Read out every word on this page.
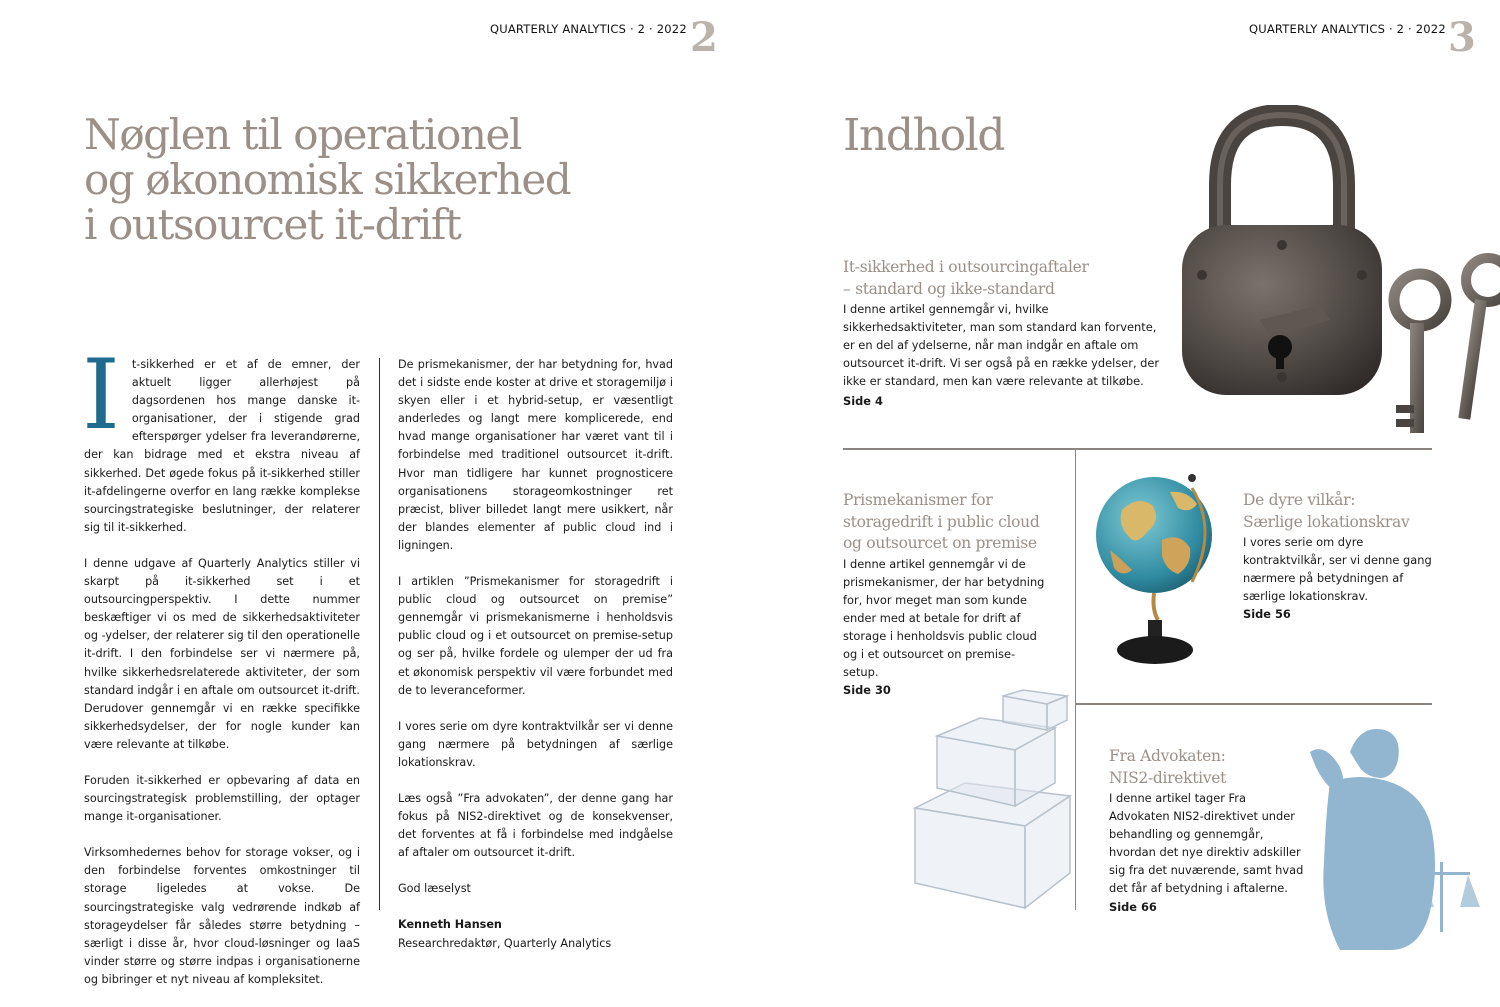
QUARTERLY ANALYTICS · 2 · 2022 2	QUARTERLY ANALYTICS · 2 · 2022 3
Nøglen til operationel
og økonomisk sikkerhed
i outsourcet it-drift

I t-sikkerhed er et af de emner, der aktuelt ligger allerhøjest på dagsordenen hos mange danske it-organisationer, der i stigende grad efterspørger ydelser fra leverandørerne, der kan bidrage med et ekstra niveau af sikkerhed. Det øgede fokus på it-sikkerhed stiller it-afdelingerne overfor en lang række komplekse sourcingstrategiske beslutninger, der relaterer sig til it-sikkerhed.

I denne udgave af Quarterly Analytics stiller vi skarpt på it-sikkerhed set i et outsourcingperspektiv. I dette nummer beskæftiger vi os med de sikkerhedsaktiviteter og -ydelser, der relaterer sig til den operationelle it-drift. I den forbindelse ser vi nærmere på, hvilke sikkerhedsrelaterede aktiviteter, der som standard indgår i en aftale om outsourcet it-drift. Derudover gennemgår vi en række specifikke sikkerhedsydelser, der for nogle kunder kan være relevante at tilkøbe.

Foruden it-sikkerhed er opbevaring af data en sourcingstrategisk problemstilling, der optager mange it-organisationer.

Virksomhedernes behov for storage vokser, og i den forbindelse forventes omkostninger til storage ligeledes at vokse. De sourcingstrategiske valg vedrørende indkøb af storageydelser får således større betydning – særligt i disse år, hvor cloud-løsninger og IaaS vinder større og større indpas i organisationerne og bibringer et nyt niveau af kompleksitet.

De prismekanismer, der har betydning for, hvad det i sidste ende koster at drive et storagemiljø i skyen eller i et hybrid-setup, er væsentligt anderledes og langt mere komplicerede, end hvad mange organisationer har været vant til i forbindelse med traditionel outsourcet it-drift. Hvor man tidligere har kunnet prognosticere organisationens storageomkostninger ret præcist, bliver billedet langt mere usikkert, når der blandes elementer af public cloud ind i ligningen.

I artiklen ”Prismekanismer for storagedrift i public cloud og outsourcet on premise” gennemgår vi prismekanismerne i henholdsvis public cloud og i et outsourcet on premise-setup og ser på, hvilke fordele og ulemper der ud fra et økonomisk perspektiv vil være forbundet med de to leveranceformer.

I vores serie om dyre kontraktvilkår ser vi denne gang nærmere på betydningen af særlige lokationskrav.

Læs også ”Fra advokaten”, der denne gang har fokus på NIS2-direktivet og de konsekvenser, det forventes at få i forbindelse med indgåelse af aftaler om outsourcet it-drift.

God læselyst

Kenneth Hansen
Researchredaktør, Quarterly Analytics
Indhold
It-sikkerhed i outsourcingaftaler
– standard og ikke-standard
I denne artikel gennemgår vi, hvilke sikkerhedsaktiviteter, man som standard kan forvente, er en del af ydelserne, når man indgår en aftale om outsourcet it-drift. Vi ser også på en række ydelser, der ikke er standard, men kan være relevante at tilkøbe.
Side 4
Prismekanismer for
storagedrift i public cloud
og outsourcet on premise
I denne artikel gennemgår vi de prismekanismer, der har betydning for, hvor meget man som kunde ender med at betale for drift af storage i henholdsvis public cloud og i et outsourcet on premise-setup.
Side 30
De dyre vilkår:
Særlige lokationskrav
I vores serie om dyre kontraktvilkår, ser vi denne gang nærmere på betydningen af særlige lokationskrav.
Side 56
Fra Advokaten:
NIS2-direktivet
I denne artikel tager Fra Advokaten NIS2-direktivet under behandling og gennemgår, hvordan det nye direktiv adskiller sig fra det nuværende, samt hvad det får af betydning i aftalerne.
Side 66
